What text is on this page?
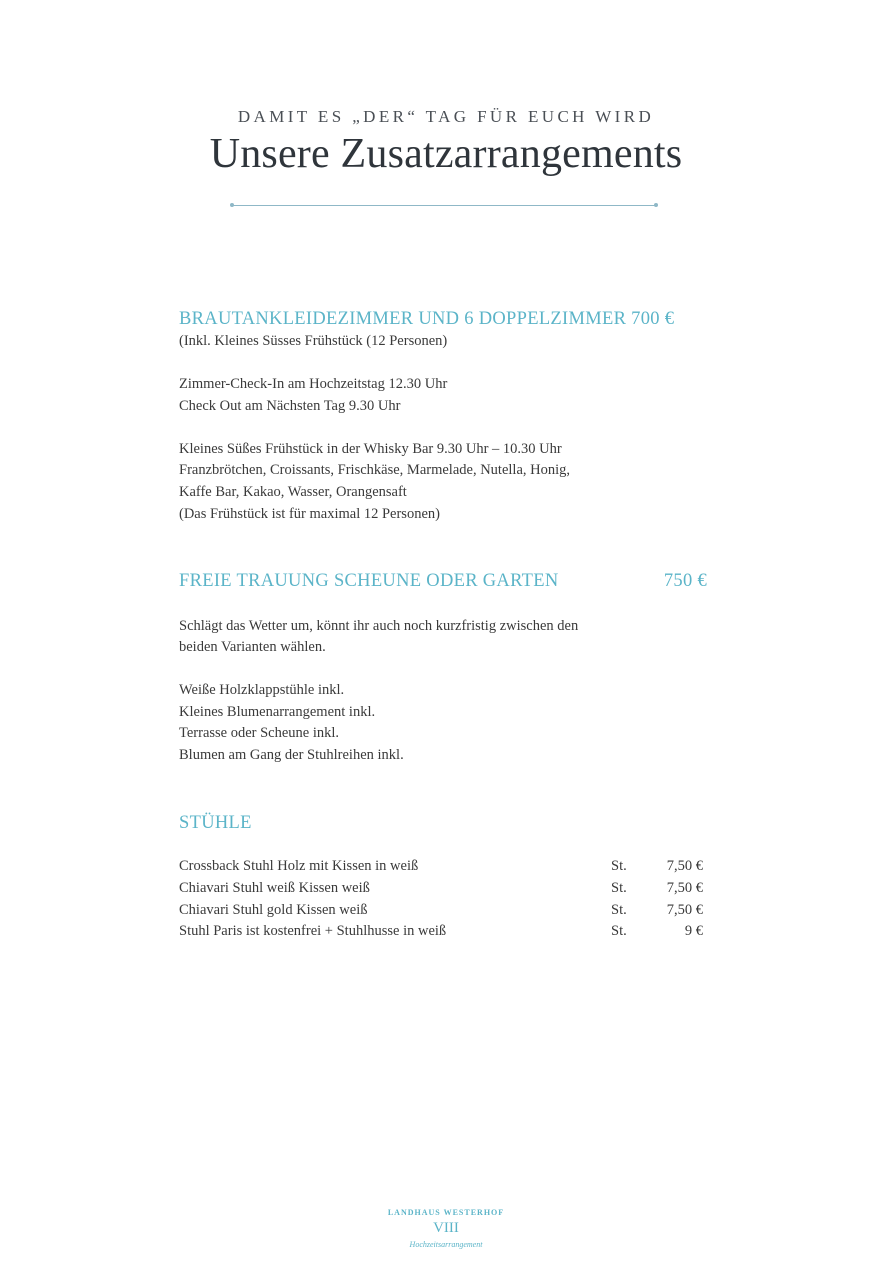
DAMIT ES „DER“ TAG FÜR EUCH WIRD
Unsere Zusatzarrangements
BRAUTANKLEIDEZIMMER UND 6 DOPPELZIMMER 700 €
(Inkl. Kleines Süsses Frühstück (12 Personen)
Zimmer-Check-In am Hochzeitstag 12.30 Uhr
Check Out am Nächsten Tag 9.30 Uhr
Kleines Süßes Frühstück in der Whisky Bar 9.30 Uhr – 10.30 Uhr
Franzbrötchen, Croissants, Frischkäse, Marmelade, Nutella, Honig,
Kaffe Bar, Kakao, Wasser, Orangensaft
(Das Frühstück ist für maximal 12 Personen)
FREIE TRAUUNG SCHEUNE ODER GARTEN	750 €
Schlägt das Wetter um, könnt ihr auch noch kurzfristig zwischen den
beiden Varianten wählen.
Weiße Holzklappstühle inkl.
Kleines Blumenarrangement inkl.
Terrasse oder Scheune inkl.
Blumen am Gang der Stuhlreihen inkl.
STÜHLE
Crossback Stuhl Holz mit Kissen in weiß	St.	7,50 €
Chiavari Stuhl weiß Kissen weiß	St.	7,50 €
Chiavari Stuhl gold Kissen weiß	St.	7,50 €
Stuhl Paris ist kostenfrei + Stuhlhusse in weiß	St.	9 €
LANDHAUS WESTERHOF
VIII
Hochzeitsarrangement
